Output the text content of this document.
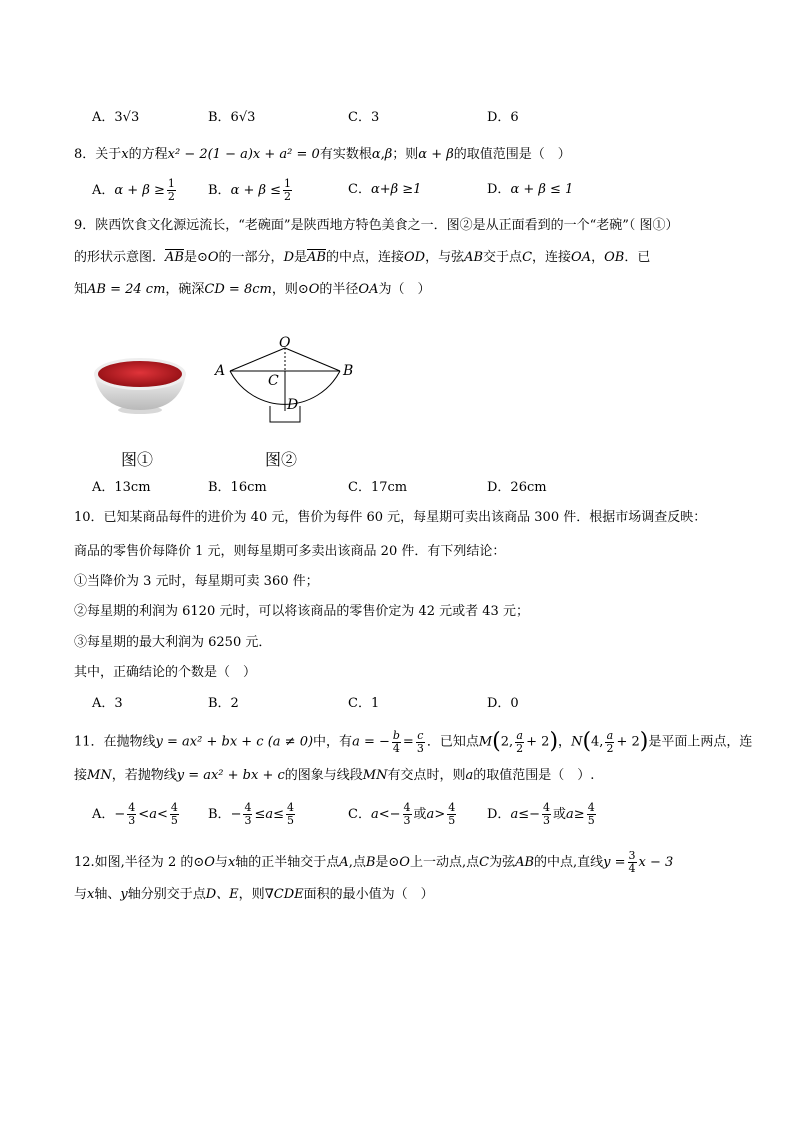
A．3√3	B．6√3	C．3	D．6
8．关于x的方程x² − 2(1 − a)x + a² = 0有实数根α,β；则α + β的取值范围是（　）
A．$\alpha + \beta \ge \frac{1}{2}$ B．$\alpha + \beta \le \frac{1}{2}$	C．α+β ≥1	D．α + β ≤ 1
9．陕西饮食文化源远流长，“老碗面”是陕西地方特色美食之一．图②是从正面看到的一个“老碗”（ 图①）
的形状示意图．$\overline{AB}$是⊙O的一部分，D是$\overline{AB}$的中点，连接OD，与弦AB交于点C，连接OA，OB．已
知AB = 24 cm，碗深CD = 8cm，则⊙O的半径OA为（　）
O
A	B
C
D
图①	图②
A．13cm	B．16cm	C．17cm	D．26cm
10．已知某商品每件的进价为 40 元，售价为每件 60 元，每星期可卖出该商品 300 件．根据市场调查反映：
商品的零售价每降价 1 元，则每星期可多卖出该商品 20 件．有下列结论：
①当降价为 3 元时，每星期可卖 360 件；
②每星期的利润为 6120 元时，可以将该商品的零售价定为 42 元或者 43 元；
③每星期的最大利润为 6250 元．
其中，正确结论的个数是（　）
A．3	B．2	C．1	D．0
11．在抛物线y = ax² + bx + c (a ≠ 0)中，有a = − $\frac{b}{4} = \frac{c}{3}$ ．已知点M(2, $\frac{a}{2} + 2$)，N(4, $\frac{a}{2} + 2$)是平面上两点，连
接MN，若抛物线y = ax² + bx + c的图象与线段MN有交点时，则a的取值范围是（　）.
A．− $\frac{4}{3} <a< \frac{4}{5}$ B．− $\frac{4}{3} \le a\le \frac{4}{5}$	C．$a<- \frac{4}{3}$ 或$a> \frac{4}{5}$ D．$a\le- \frac{4}{3}$ 或$a\ge \frac{4}{5}$
12.如图,半径为 2 的⊙O与x轴的正半轴交于点A,点B是⊙O上一动点,点C为弦AB的中点,直线$y = \frac{3}{4}$ x − 3
与x轴、y轴分别交于点D、E，则∇CDE面积的最小值为（　）
